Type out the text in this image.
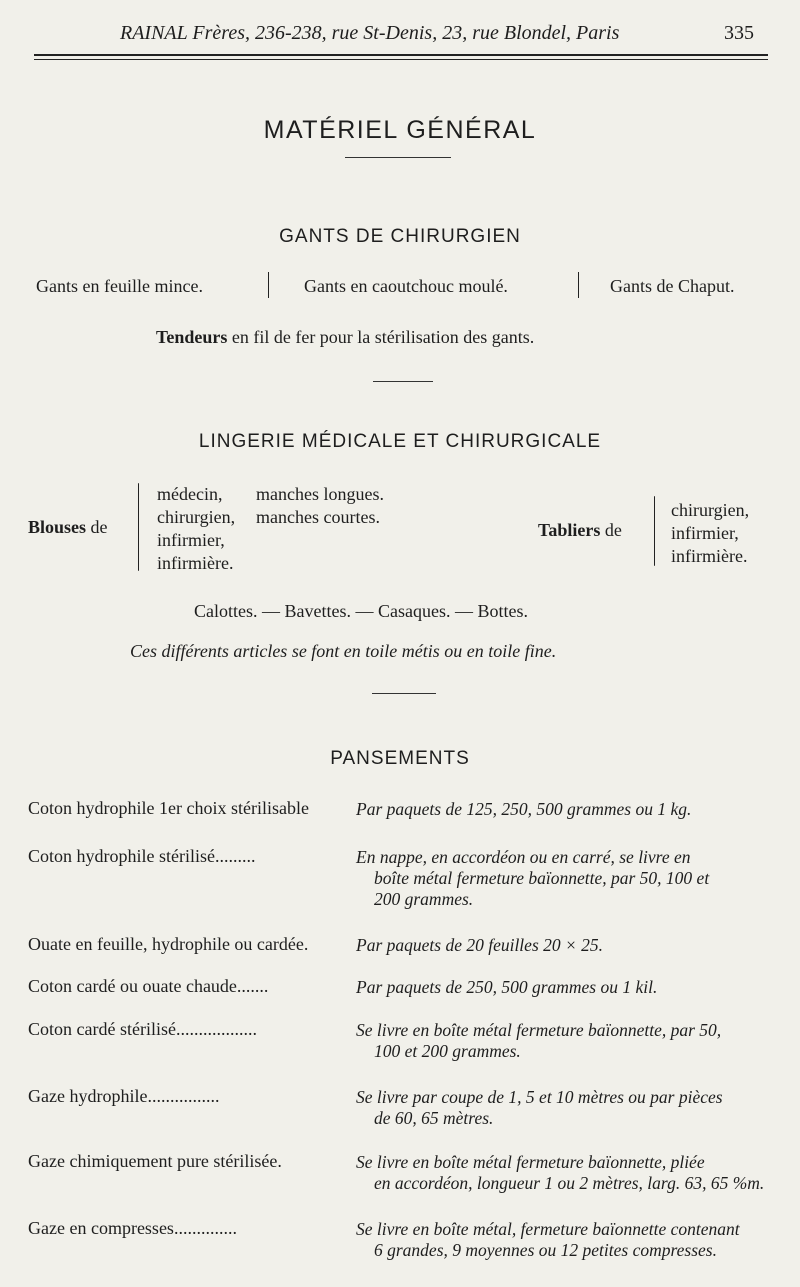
RAINAL Frères, 236-238, rue St-Denis, 23, rue Blondel, Paris	335
MATÉRIEL GÉNÉRAL
GANTS DE CHIRURGIEN
Gants en feuille mince.	Gants en caoutchouc moulé.	Gants de Chaput.
Tendeurs en fil de fer pour la stérilisation des gants.
LINGERIE MÉDICALE ET CHIRURGICALE
Blouses de
médecin,
chirurgien,
infirmier,
infirmière.
manches longues.
manches courtes.
Tabliers de
chirurgien,
infirmier,
infirmière.
Calottes. — Bavettes. — Casaques. — Bottes.
Ces différents articles se font en toile métis ou en toile fine.
PANSEMENTS
Coton hydrophile 1er choix stérilisable	Par paquets de 125, 250, 500 grammes ou 1 kg.
Coton hydrophile stérilisé.........	En nappe, en accordéon ou en carré, se livre en
boîte métal fermeture baïonnette, par 50, 100 et
200 grammes.
Ouate en feuille, hydrophile ou cardée.	Par paquets de 20 feuilles 20 × 25.
Coton cardé ou ouate chaude.......	Par paquets de 250, 500 grammes ou 1 kil.
Coton cardé stérilisé..................	Se livre en boîte métal fermeture baïonnette, par 50,
100 et 200 grammes.
Gaze hydrophile................	Se livre par coupe de 1, 5 et 10 mètres ou par pièces
de 60, 65 mètres.
Gaze chimiquement pure stérilisée.	Se livre en boîte métal fermeture baïonnette, pliée
en accordéon, longueur 1 ou 2 mètres, larg. 63, 65 %m.
Gaze en compresses..............	Se livre en boîte métal, fermeture baïonnette contenant
6 grandes, 9 moyennes ou 12 petites compresses.
